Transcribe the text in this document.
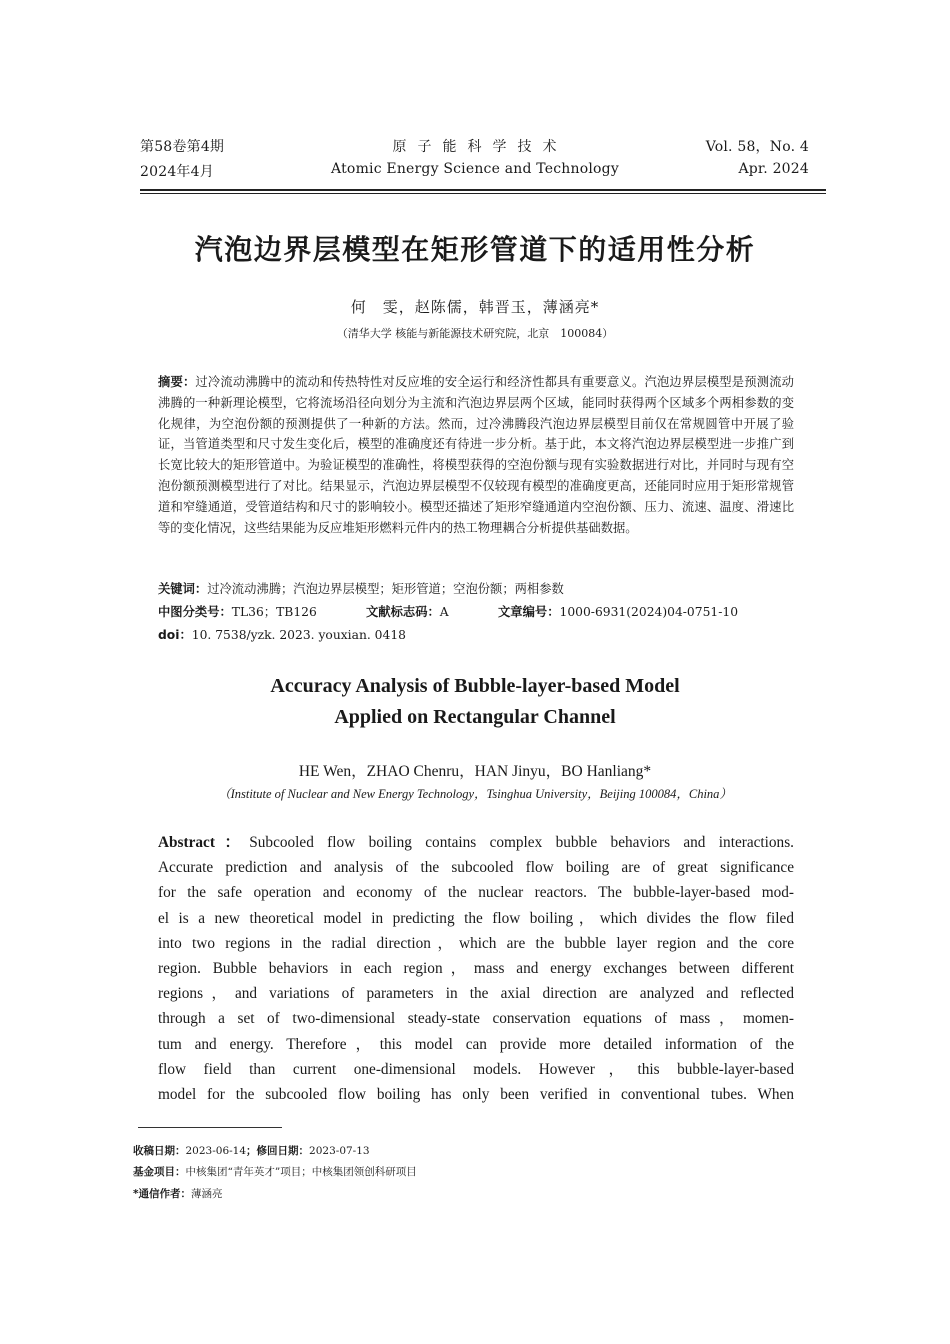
第58卷第4期
2024年4月
原子能科学技术
Atomic Energy Science and Technology
Vol. 58，No. 4
Apr. 2024
汽泡边界层模型在矩形管道下的适用性分析
何　雯，赵陈儒，韩晋玉，薄涵亮*
（清华大学 核能与新能源技术研究院，北京　100084）
摘要：过冷流动沸腾中的流动和传热特性对反应堆的安全运行和经济性都具有重要意义。汽泡边界层模型是预测流动沸腾的一种新理论模型，它将流场沿径向划分为主流和汽泡边界层两个区域，能同时获得两个区域多个两相参数的变化规律，为空泡份额的预测提供了一种新的方法。然而，过冷沸腾段汽泡边界层模型目前仅在常规圆管中开展了验证，当管道类型和尺寸发生变化后，模型的准确度还有待进一步分析。基于此，本文将汽泡边界层模型进一步推广到长宽比较大的矩形管道中。为验证模型的准确性，将模型获得的空泡份额与现有实验数据进行对比，并同时与现有空泡份额预测模型进行了对比。结果显示，汽泡边界层模型不仅较现有模型的准确度更高，还能同时应用于矩形常规管道和窄缝通道，受管道结构和尺寸的影响较小。模型还描述了矩形窄缝通道内空泡份额、压力、流速、温度、滑速比等的变化情况，这些结果能为反应堆矩形燃料元件内的热工物理耦合分析提供基础数据。
关键词：过冷流动沸腾；汽泡边界层模型；矩形管道；空泡份额；两相参数
中图分类号：TL36；TB126	文献标志码：A	文章编号：1000-6931(2024)04-0751-10
doi：10. 7538/yzk. 2023. youxian. 0418
Accuracy Analysis of Bubble-layer-based Model
Applied on Rectangular Channel
HE Wen，ZHAO Chenru，HAN Jinyu，BO Hanliang*
（Institute of Nuclear and New Energy Technology，Tsinghua University，Beijing 100084，China）
Abstract：Subcooled flow boiling contains complex bubble behaviors and interactions.
Accurate prediction and analysis of the subcooled flow boiling are of great significance
for the safe operation and economy of the nuclear reactors. The bubble-layer-based mod-
el is a new theoretical model in predicting the flow boiling，which divides the flow filed
into two regions in the radial direction，which are the bubble layer region and the core
region. Bubble behaviors in each region，mass and energy exchanges between different
regions，and variations of parameters in the axial direction are analyzed and reflected
through a set of two-dimensional steady-state conservation equations of mass，momen-
tum and energy. Therefore，this model can provide more detailed information of the
flow field than current one-dimensional models. However，this bubble-layer-based
model for the subcooled flow boiling has only been verified in conventional tubes. When
收稿日期：2023-06-14；修回日期：2023-07-13
基金项目：中核集团“青年英才”项目；中核集团领创科研项目
*通信作者：薄涵亮
